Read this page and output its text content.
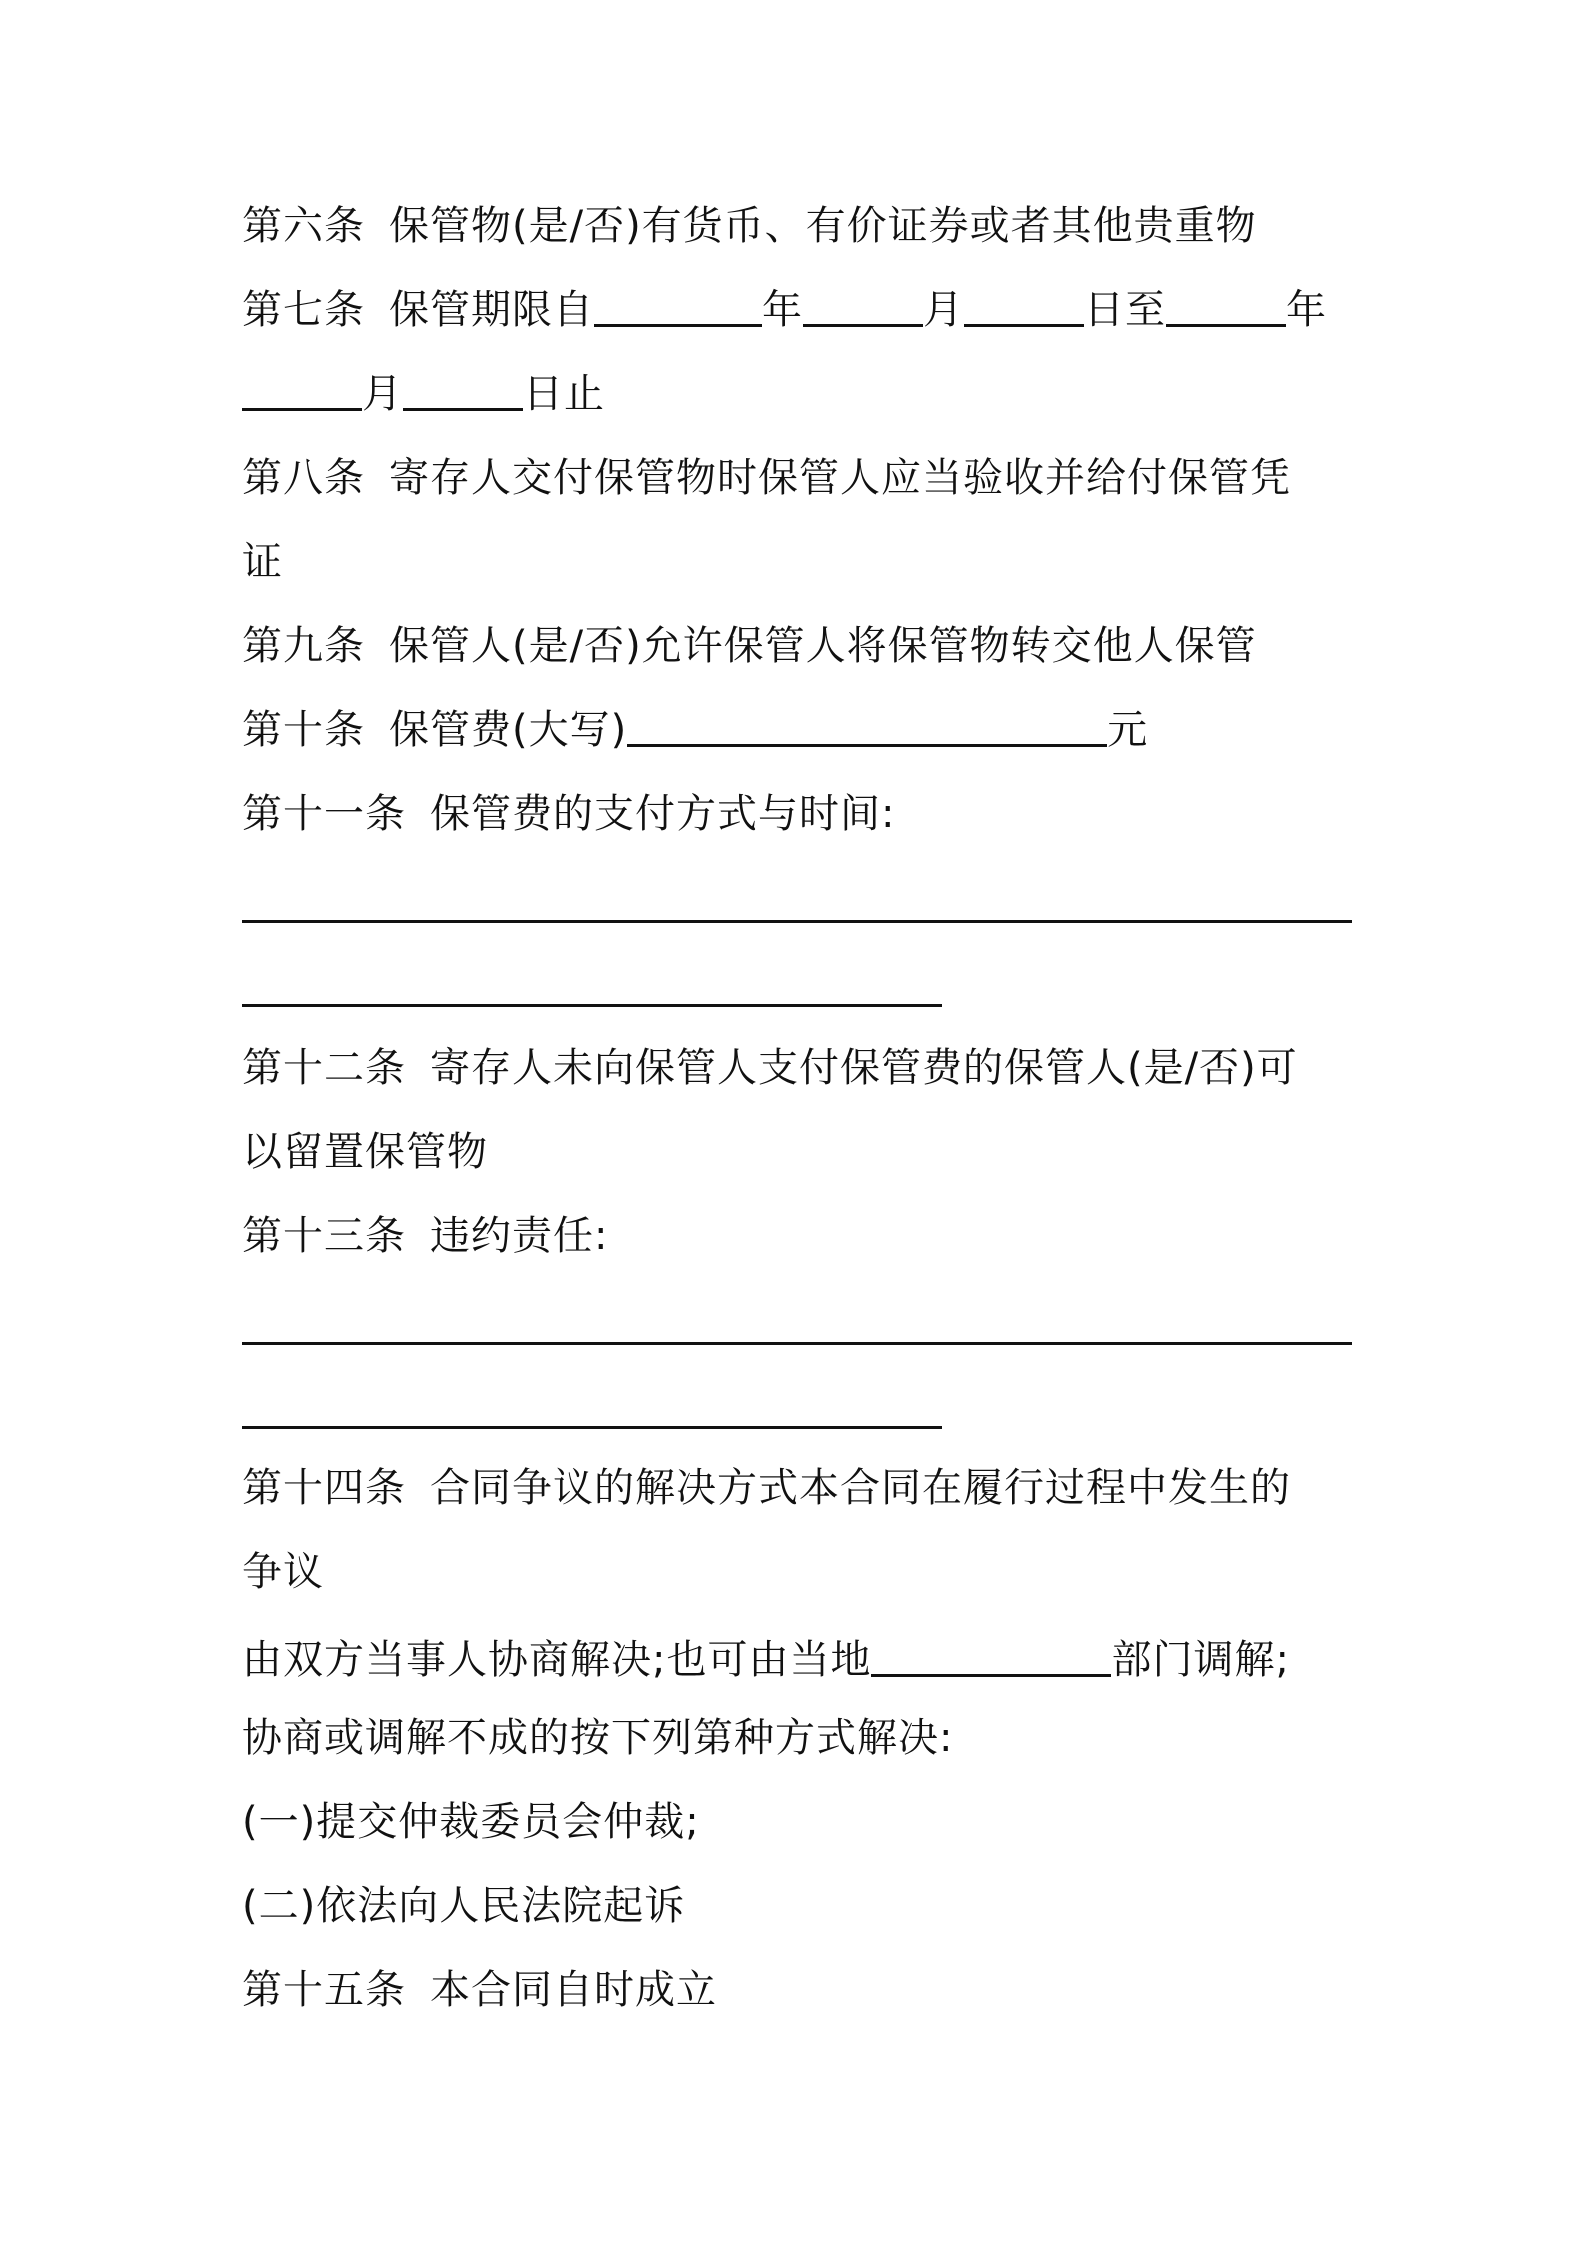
第六条 保管物(是/否)有货币、有价证券或者其他贵重物
第七条 保管期限自	年	月	日至	年
月	日止
第八条 寄存人交付保管物时保管人应当验收并给付保管凭
证
第九条 保管人(是/否)允许保管人将保管物转交他人保管
第十条 保管费(大写)	元
第十一条 保管费的支付方式与时间:
第十二条 寄存人未向保管人支付保管费的保管人(是/否)可
以留置保管物
第十三条 违约责任:
第十四条 合同争议的解决方式本合同在履行过程中发生的
争议
由双方当事人协商解决;也可由当地	部门调解;
协商或调解不成的按下列第种方式解决:
(一)提交仲裁委员会仲裁;
(二)依法向人民法院起诉
第十五条 本合同自时成立
